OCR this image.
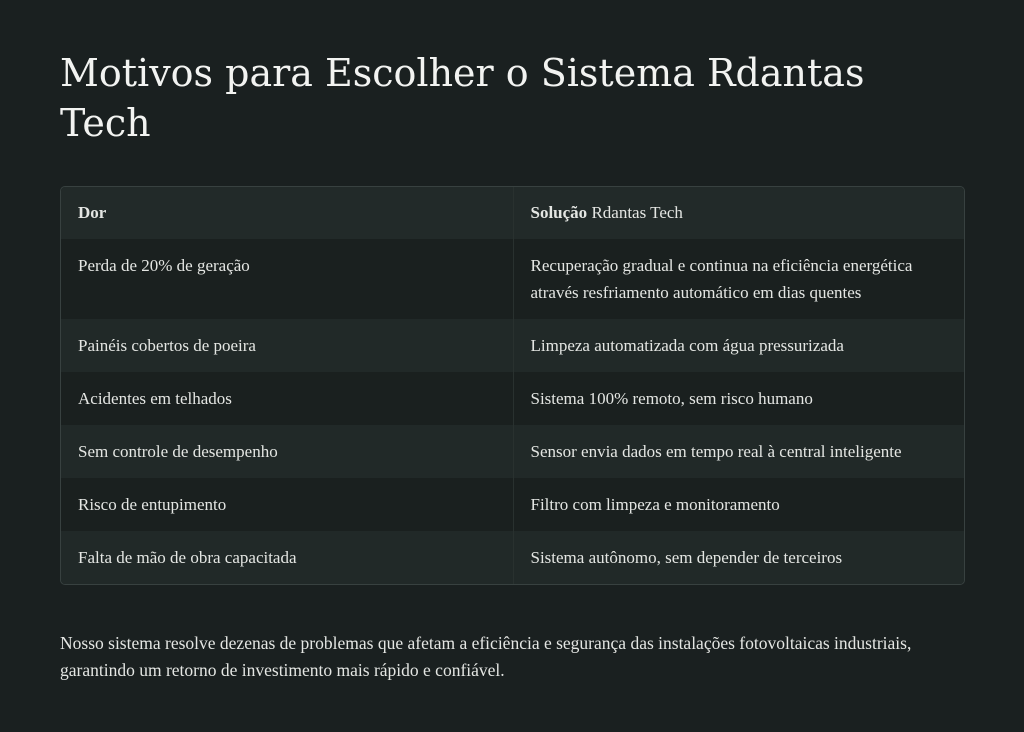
Motivos para Escolher o Sistema Rdantas Tech
Dor	Solução Rdantas Tech
Perda de 20% de geração	Recuperação gradual e continua na eficiência energética através resfriamento automático em dias quentes
Painéis cobertos de poeira	Limpeza automatizada com água pressurizada
Acidentes em telhados	Sistema 100% remoto, sem risco humano
Sem controle de desempenho	Sensor envia dados em tempo real à central inteligente
Risco de entupimento	Filtro com limpeza e monitoramento
Falta de mão de obra capacitada	Sistema autônomo, sem depender de terceiros

Nosso sistema resolve dezenas de problemas que afetam a eficiência e segurança das instalações fotovoltaicas industriais, garantindo um retorno de investimento mais rápido e confiável.
